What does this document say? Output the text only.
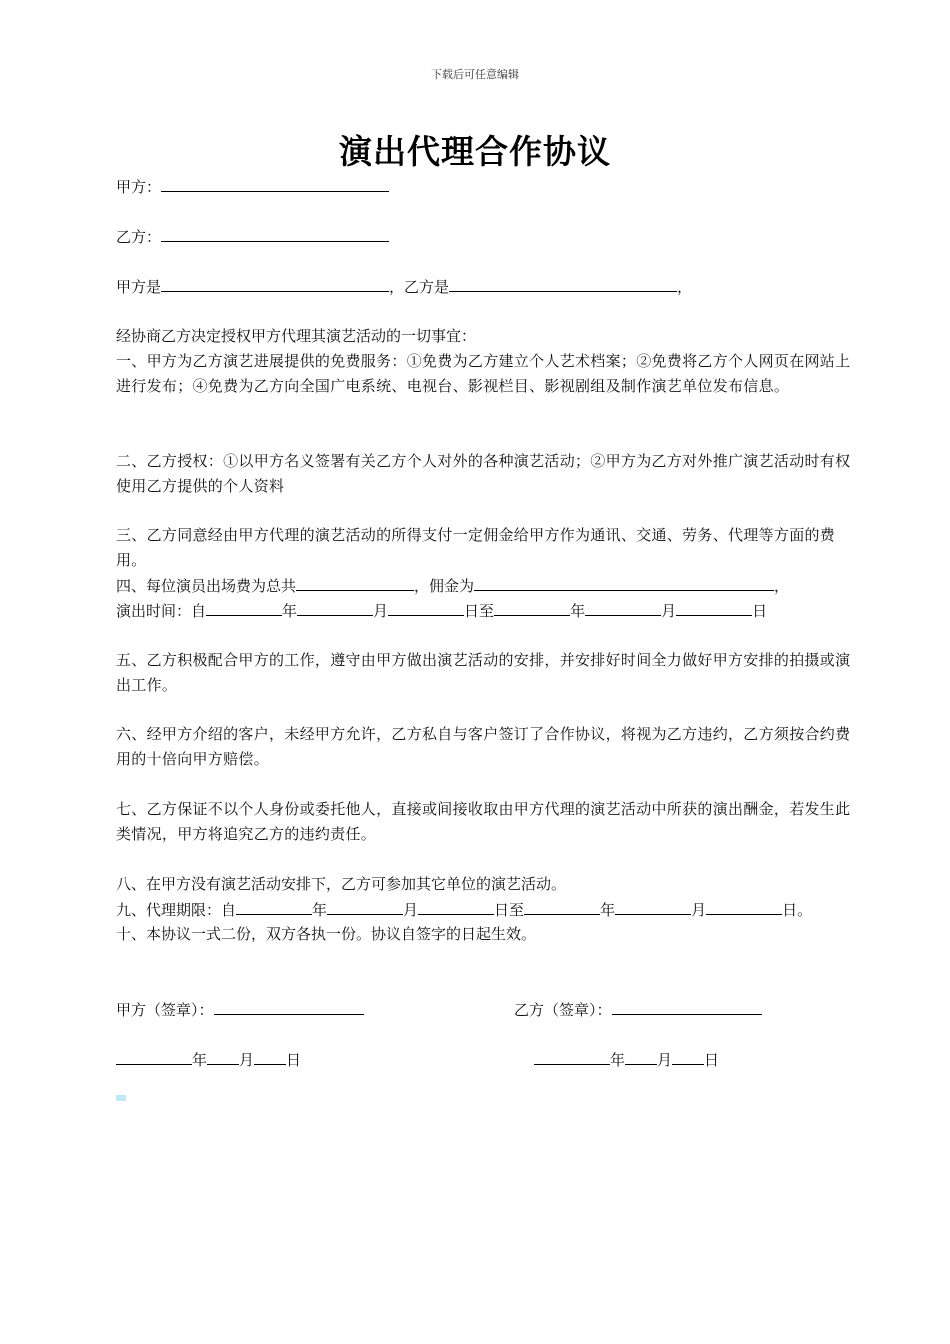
下载后可任意编辑
演出代理合作协议
甲方：
乙方：
甲方是	，乙方是	，
经协商乙方决定授权甲方代理其演艺活动的一切事宜：
一、甲方为乙方演艺进展提供的免费服务：①免费为乙方建立个人艺术档案；②免费将乙方个人网页在网站上进行发布；④免费为乙方向全国广电系统、电视台、影视栏目、影视剧组及制作演艺单位发布信息。
二、乙方授权：①以甲方名义签署有关乙方个人对外的各种演艺活动；②甲方为乙方对外推广演艺活动时有权使用乙方提供的个人资料
三、乙方同意经由甲方代理的演艺活动的所得支付一定佣金给甲方作为通讯、交通、劳务、代理等方面的费用。
四、每位演员出场费为总共	，佣金为	，
演出时间：自	年	月	日至	年	月	日
五、乙方积极配合甲方的工作，遵守由甲方做出演艺活动的安排，并安排好时间全力做好甲方安排的拍摄或演出工作。
六、经甲方介绍的客户，未经甲方允许，乙方私自与客户签订了合作协议，将视为乙方违约，乙方须按合约费用的十倍向甲方赔偿。
七、乙方保证不以个人身份或委托他人，直接或间接收取由甲方代理的演艺活动中所获的演出酬金，若发生此类情况，甲方将追究乙方的违约责任。
八、在甲方没有演艺活动安排下，乙方可参加其它单位的演艺活动。
九、代理期限：自	年	月	日至	年	月	日。
十、本协议一式二份，双方各执一份。协议自签字的日起生效。
甲方（签章）：	乙方（签章）：
年 月 日	年 月 日
